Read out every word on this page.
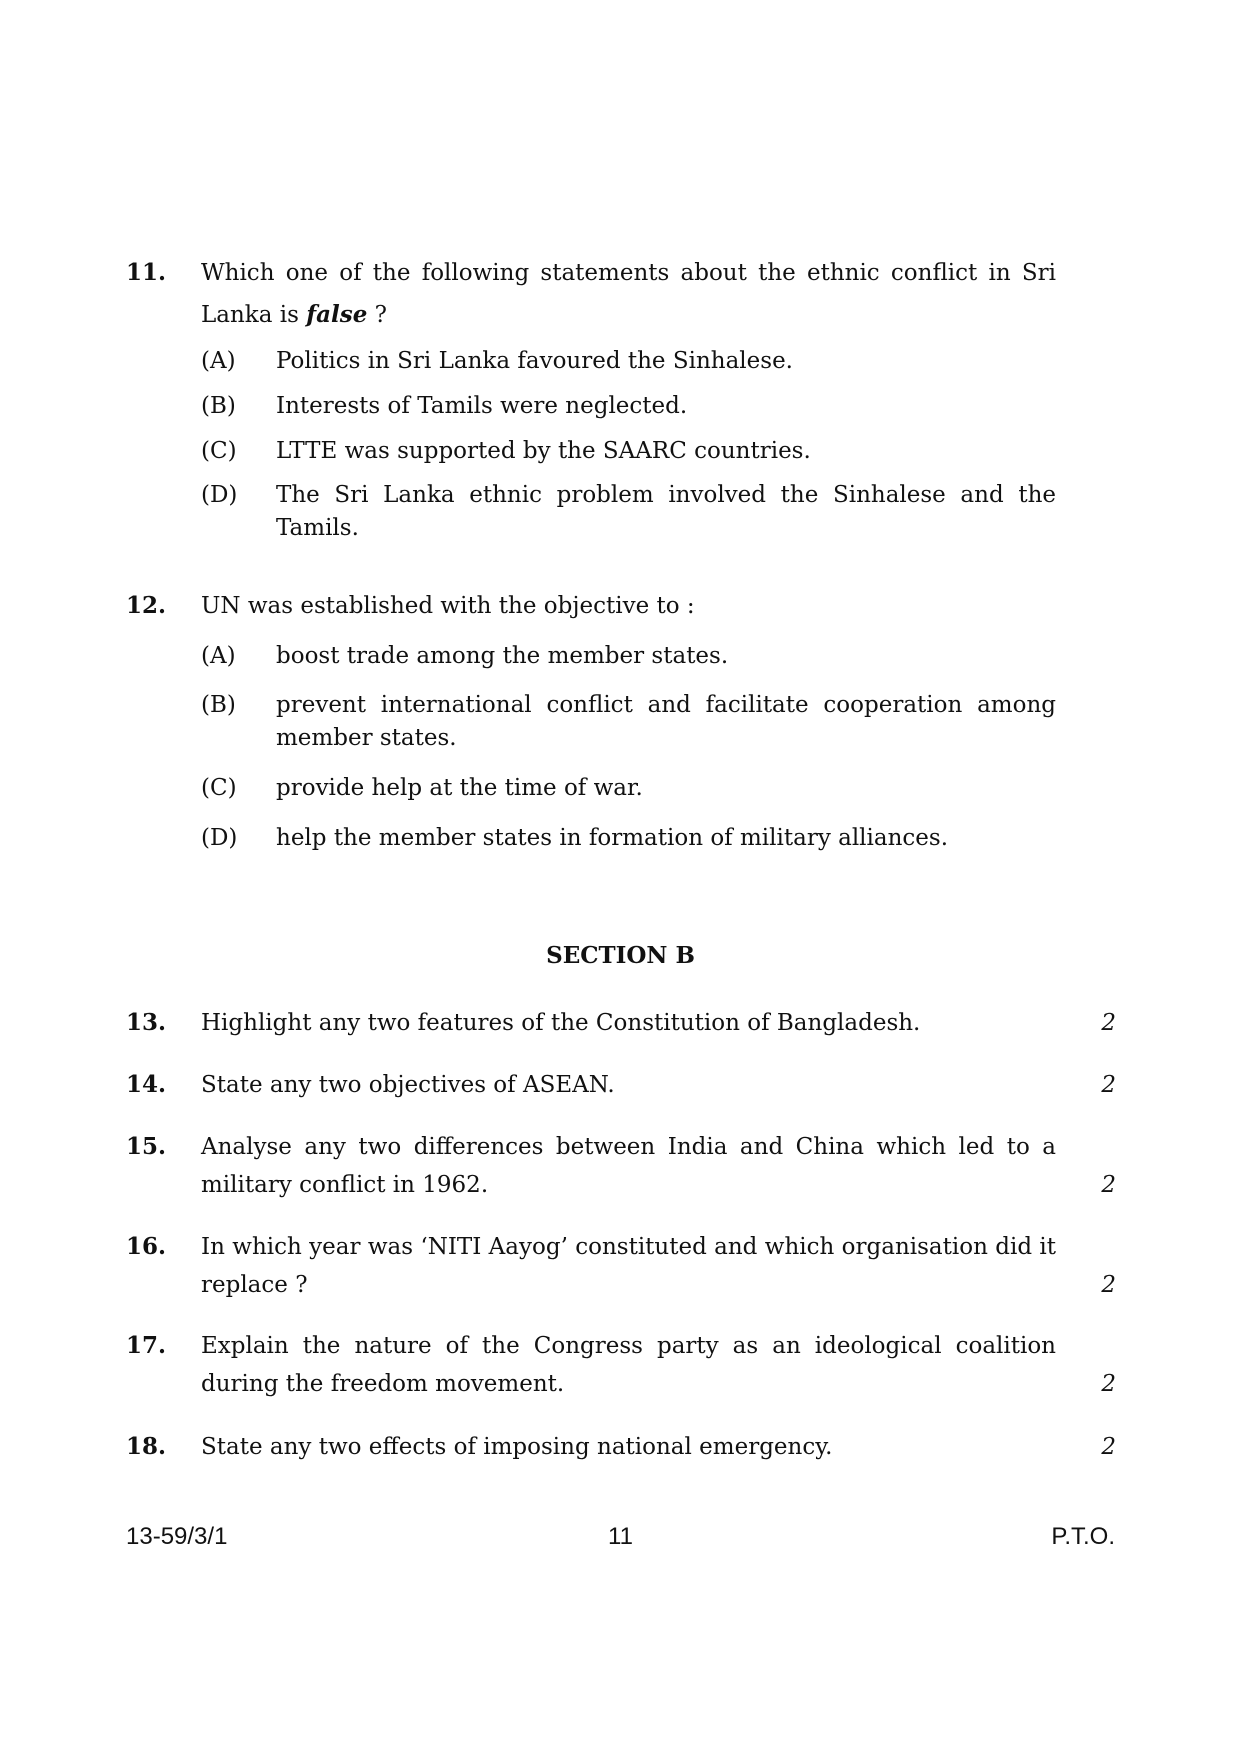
11.	Which one of the following statements about the ethnic conflict in Sri Lanka is false ?
(A)	Politics in Sri Lanka favoured the Sinhalese.
(B)	Interests of Tamils were neglected.
(C)	LTTE was supported by the SAARC countries.
(D)	The Sri Lanka ethnic problem involved the Sinhalese and the Tamils.
12.	UN was established with the objective to :
(A)	boost trade among the member states.
(B)	prevent international conflict and facilitate cooperation among member states.
(C)	provide help at the time of war.
(D)	help the member states in formation of military alliances.
SECTION B
13.	Highlight any two features of the Constitution of Bangladesh.	2
14.	State any two objectives of ASEAN.	2
15.	Analyse any two differences between India and China which led to a military conflict in 1962.	2
16.	In which year was ‘NITI Aayog’ constituted and which organisation did it replace ?	2
17.	Explain the nature of the Congress party as an ideological coalition during the freedom movement.	2
18.	State any two effects of imposing national emergency.	2
13-59/3/1	11	P.T.O.
